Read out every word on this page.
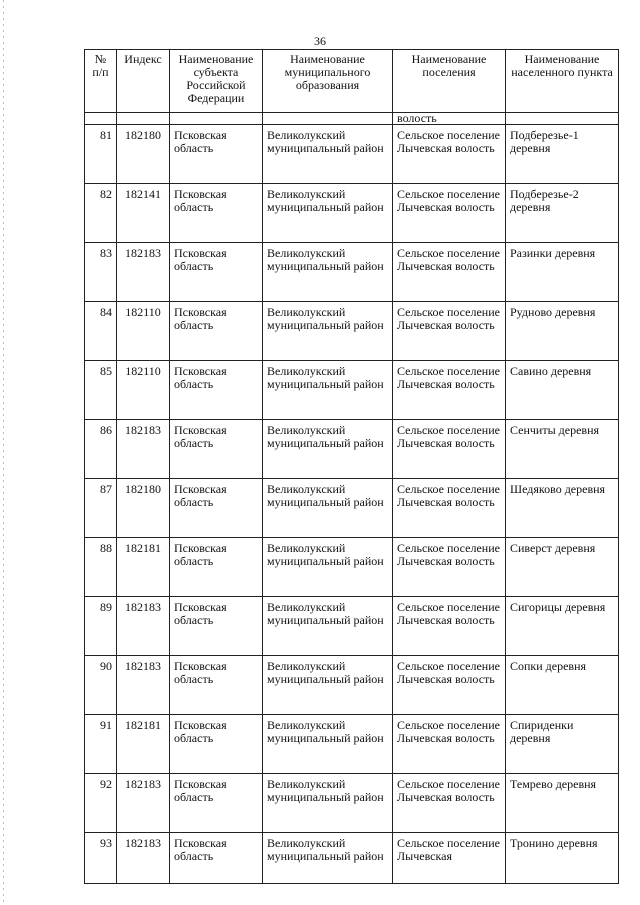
36
№ п/п	Индекс	Наименование субъекта Российской Федерации	Наименование муниципального образования	Наименование поселения	Наименование населенного пункта
				волость	
81	182180	Псковская область	Великолукский муниципальный район	Сельское поселение Лычевская волость	Подберезье-1 деревня
82	182141	Псковская область	Великолукский муниципальный район	Сельское поселение Лычевская волость	Подберезье-2 деревня
83	182183	Псковская область	Великолукский муниципальный район	Сельское поселение Лычевская волость	Разинки деревня
84	182110	Псковская область	Великолукский муниципальный район	Сельское поселение Лычевская волость	Рудново деревня
85	182110	Псковская область	Великолукский муниципальный район	Сельское поселение Лычевская волость	Савино деревня
86	182183	Псковская область	Великолукский муниципальный район	Сельское поселение Лычевская волость	Сенчиты деревня
87	182180	Псковская область	Великолукский муниципальный район	Сельское поселение Лычевская волость	Шедяково деревня
88	182181	Псковская область	Великолукский муниципальный район	Сельское поселение Лычевская волость	Сиверст деревня
89	182183	Псковская область	Великолукский муниципальный район	Сельское поселение Лычевская волость	Сигорицы деревня
90	182183	Псковская область	Великолукский муниципальный район	Сельское поселение Лычевская волость	Сопки деревня
91	182181	Псковская область	Великолукский муниципальный район	Сельское поселение Лычевская волость	Спириденки деревня
92	182183	Псковская область	Великолукский муниципальный район	Сельское поселение Лычевская волость	Темрево деревня
93	182183	Псковская область	Великолукский муниципальный район	Сельское поселение Лычевская	Тронино деревня
